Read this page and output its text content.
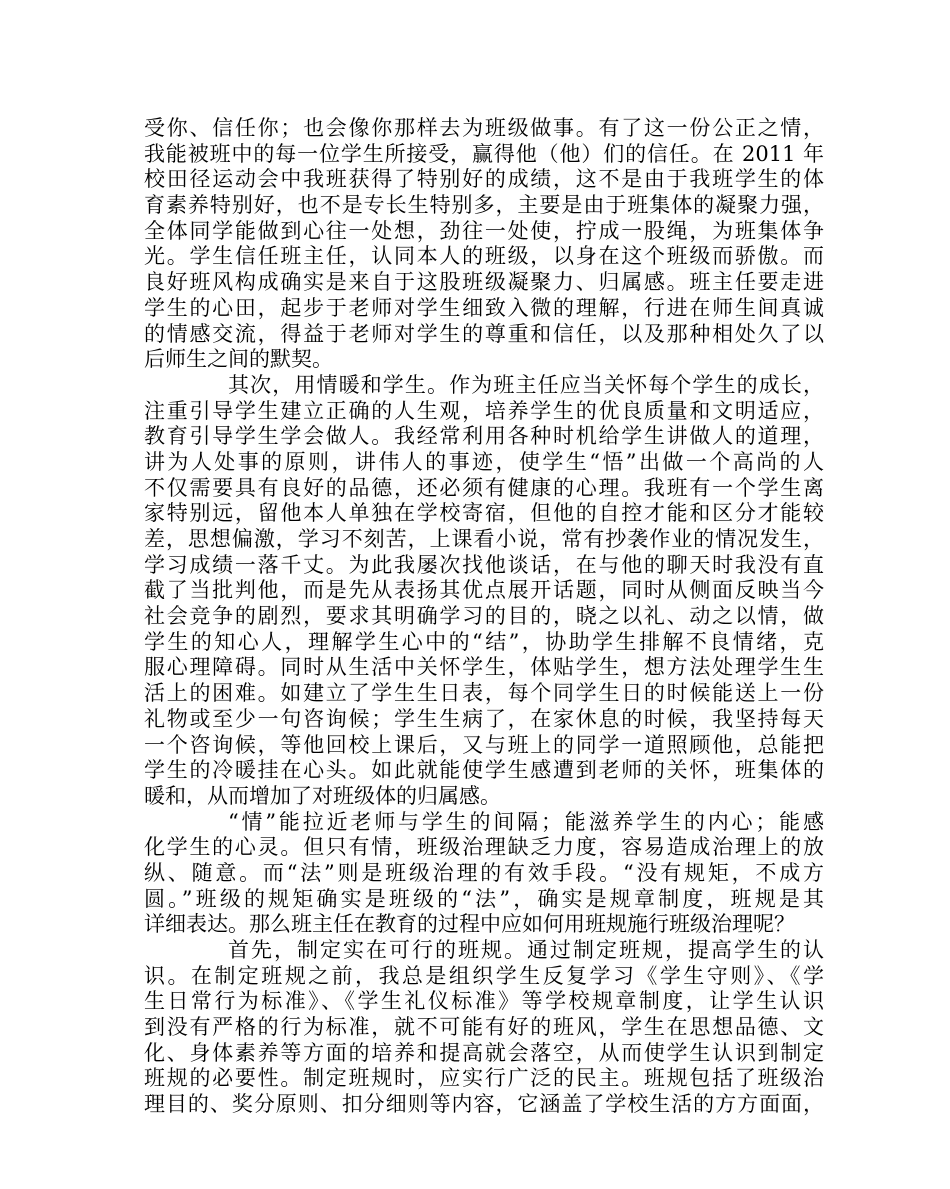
受你、信任你；也会像你那样去为班级做事。有了这一份公正之情，
我能被班中的每一位学生所接受，赢得他（他）们的信任。在 2011 年
校田径运动会中我班获得了特别好的成绩，这不是由于我班学生的体
育素养特别好，也不是专长生特别多，主要是由于班集体的凝聚力强，
全体同学能做到心往一处想，劲往一处使，拧成一股绳，为班集体争
光。学生信任班主任，认同本人的班级，以身在这个班级而骄傲。而
良好班风构成确实是来自于这股班级凝聚力、归属感。班主任要走进
学生的心田，起步于老师对学生细致入微的理解，行进在师生间真诚
的情感交流，得益于老师对学生的尊重和信任，以及那种相处久了以
后师生之间的默契。
其次，用情暖和学生。作为班主任应当关怀每个学生的成长，
注重引导学生建立正确的人生观，培养学生的优良质量和文明适应，
教育引导学生学会做人。我经常利用各种时机给学生讲做人的道理，
讲为人处事的原则，讲伟人的事迹，使学生“悟”出做一个高尚的人
不仅需要具有良好的品德，还必须有健康的心理。我班有一个学生离
家特别远，留他本人单独在学校寄宿，但他的自控才能和区分才能较
差，思想偏激，学习不刻苦，上课看小说，常有抄袭作业的情况发生，
学习成绩一落千丈。为此我屡次找他谈话，在与他的聊天时我没有直
截了当批判他，而是先从表扬其优点展开话题，同时从侧面反映当今
社会竞争的剧烈，要求其明确学习的目的，晓之以礼、动之以情，做
学生的知心人，理解学生心中的“结”，协助学生排解不良情绪，克
服心理障碍。同时从生活中关怀学生，体贴学生，想方法处理学生生
活上的困难。如建立了学生生日表，每个同学生日的时候能送上一份
礼物或至少一句咨询候；学生生病了，在家休息的时候，我坚持每天
一个咨询候，等他回校上课后，又与班上的同学一道照顾他，总能把
学生的冷暖挂在心头。如此就能使学生感遭到老师的关怀，班集体的
暖和，从而增加了对班级体的归属感。
“情”能拉近老师与学生的间隔；能滋养学生的内心；能感
化学生的心灵。但只有情，班级治理缺乏力度，容易造成治理上的放
纵、随意。而“法”则是班级治理的有效手段。“没有规矩，不成方
圆。”班级的规矩确实是班级的“法”，确实是规章制度，班规是其
详细表达。那么班主任在教育的过程中应如何用班规施行班级治理呢？
首先，制定实在可行的班规。通过制定班规，提高学生的认
识。在制定班规之前，我总是组织学生反复学习《学生守则》、《学
生日常行为标准》、《学生礼仪标准》等学校规章制度，让学生认识
到没有严格的行为标准，就不可能有好的班风，学生在思想品德、文
化、身体素养等方面的培养和提高就会落空，从而使学生认识到制定
班规的必要性。制定班规时，应实行广泛的民主。班规包括了班级治
理目的、奖分原则、扣分细则等内容，它涵盖了学校生活的方方面面，
